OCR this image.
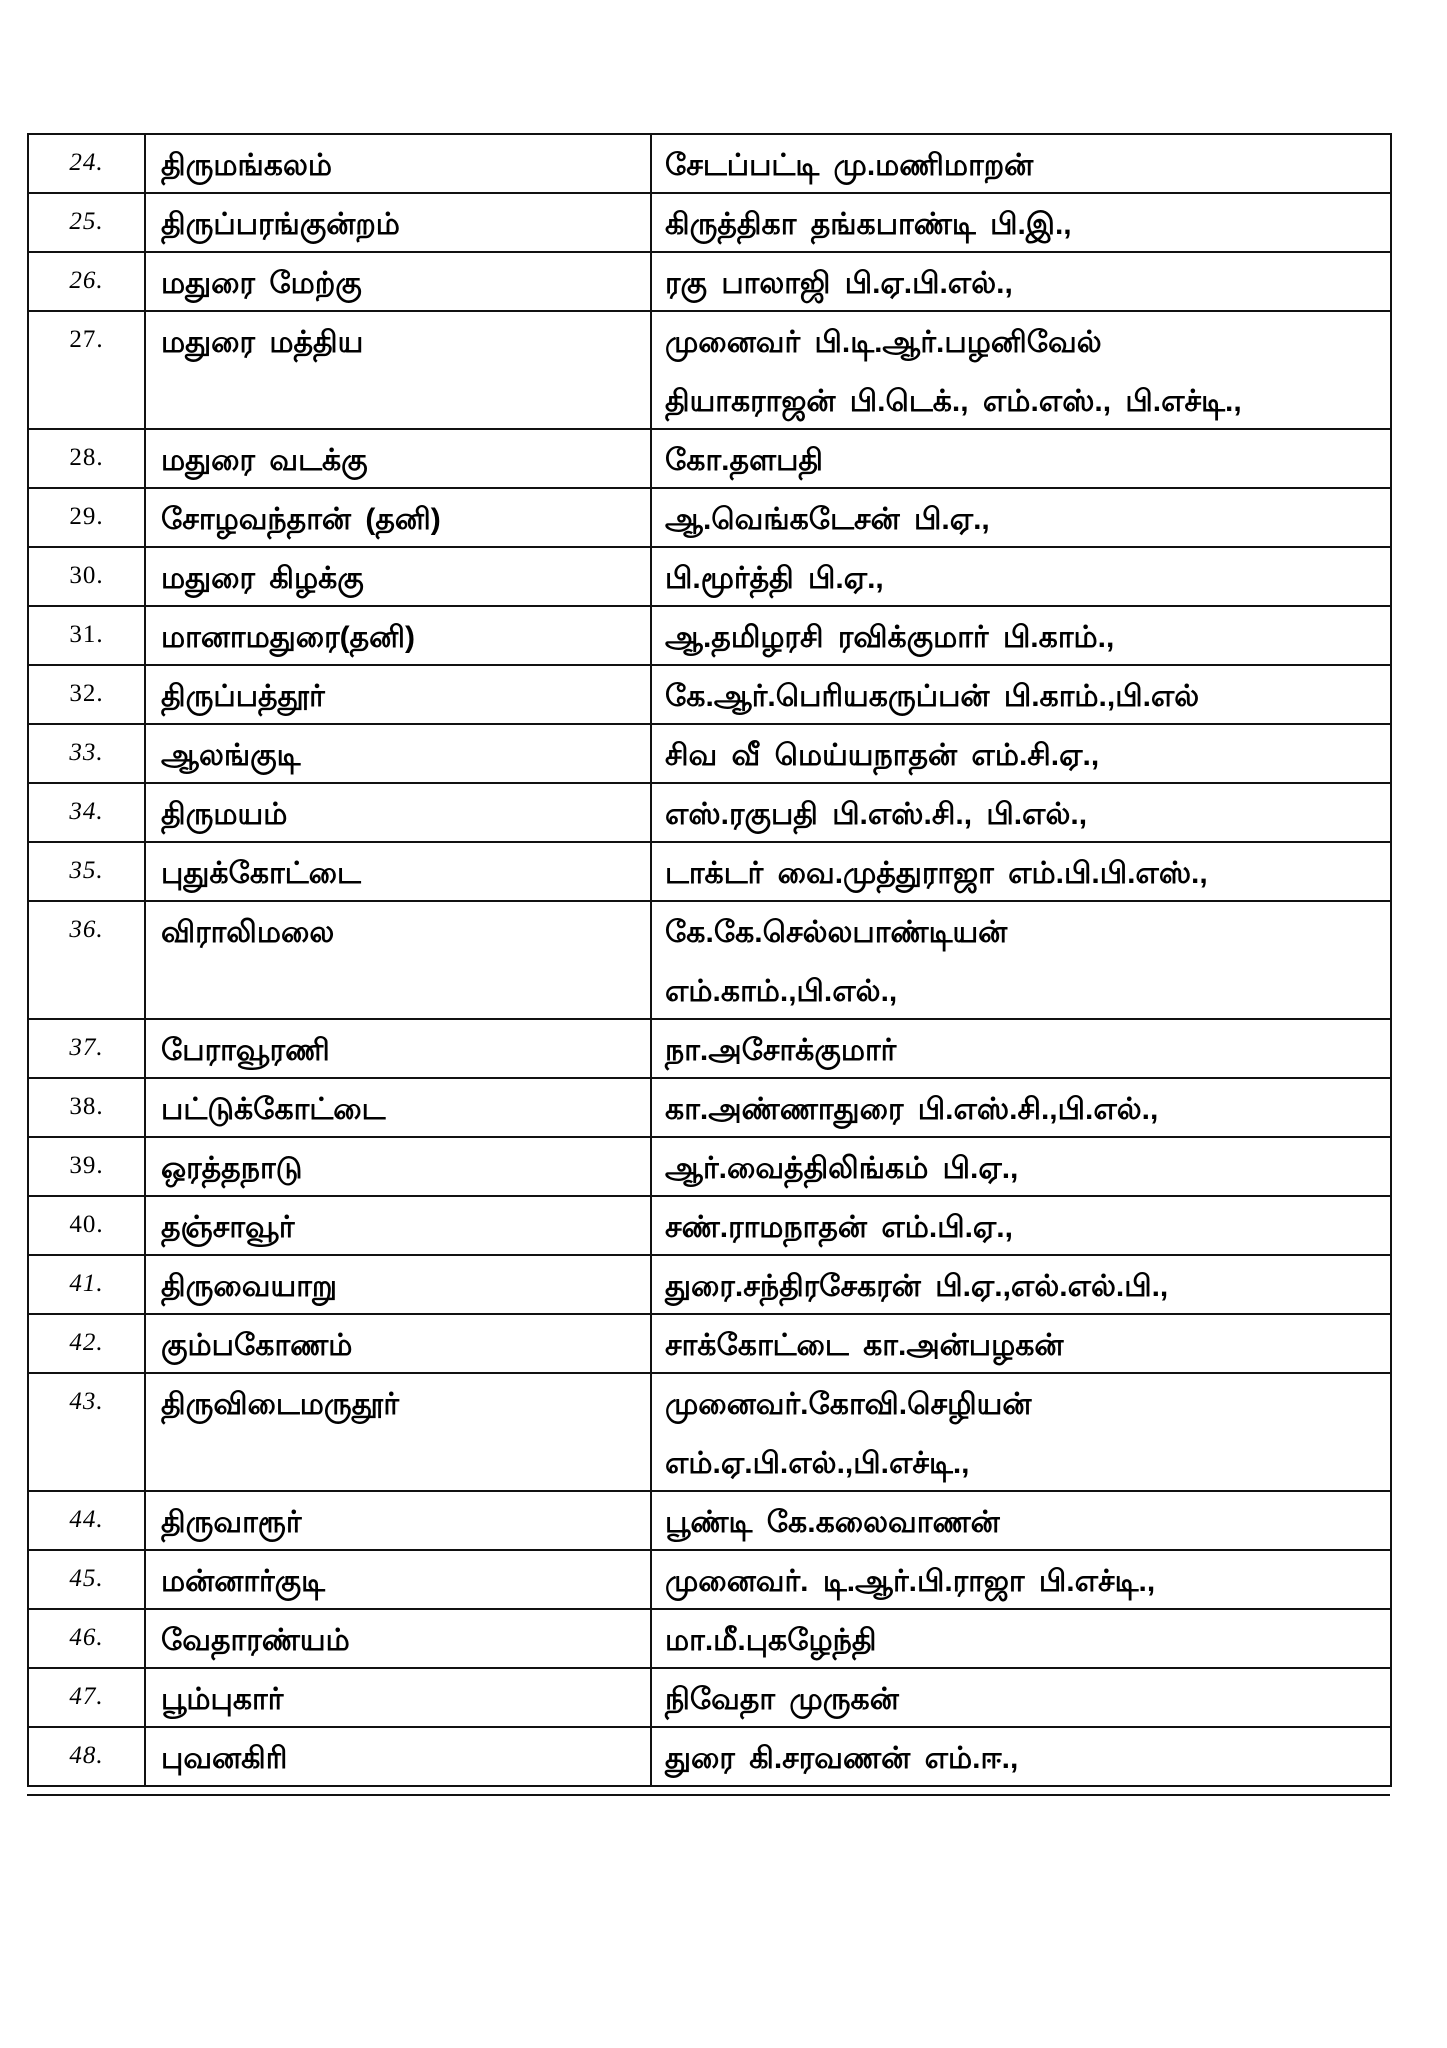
24.	திருமங்கலம்	சேடப்பட்டி மு.மணிமாறன்

25.	திருப்பரங்குன்றம்	கிருத்திகா தங்கபாண்டி பி.இ.,

26.	மதுரை மேற்கு	ரகு பாலாஜி பி.ஏ.பி.எல்.,

27.	மதுரை மத்திய	முனைவர் பி.டி.ஆர்.பழனிவேல்
தியாகராஜன் பி.டெக்., எம்.எஸ்., பி.எச்டி.,

28.	மதுரை வடக்கு	கோ.தளபதி

29.	சோழவந்தான் (தனி)	ஆ.வெங்கடேசன் பி.ஏ.,

30.	மதுரை கிழக்கு	பி.மூர்த்தி பி.ஏ.,

31.	மானாமதுரை(தனி)	ஆ.தமிழரசி ரவிக்குமார் பி.காம்.,

32.	திருப்பத்தூர்	கே.ஆர்.பெரியகருப்பன் பி.காம்.,பி.எல்

33.	ஆலங்குடி	சிவ வீ மெய்யநாதன் எம்.சி.ஏ.,

34.	திருமயம்	எஸ்.ரகுபதி பி.எஸ்.சி., பி.எல்.,

35.	புதுக்கோட்டை	டாக்டர் வை.முத்துராஜா எம்.பி.பி.எஸ்.,

36.	விராலிமலை	கே.கே.செல்லபாண்டியன்
எம்.காம்.,பி.எல்.,

37.	பேராவூரணி	நா.அசோக்குமார்

38.	பட்டுக்கோட்டை	கா.அண்ணாதுரை பி.எஸ்.சி.,பி.எல்.,

39.	ஒரத்தநாடு	ஆர்.வைத்திலிங்கம் பி.ஏ.,

40.	தஞ்சாவூர்	சண்.ராமநாதன் எம்.பி.ஏ.,

41.	திருவையாறு	துரை.சந்திரசேகரன் பி.ஏ.,எல்.எல்.பி.,

42.	கும்பகோணம்	சாக்கோட்டை கா.அன்பழகன்

43.	திருவிடைமருதூர்	முனைவர்.கோவி.செழியன்
எம்.ஏ.பி.எல்.,பி.எச்டி.,

44.	திருவாரூர்	பூண்டி கே.கலைவாணன்

45.	மன்னார்குடி	முனைவர். டி.ஆர்.பி.ராஜா பி.எச்டி.,

46.	வேதாரண்யம்	மா.மீ.புகழேந்தி

47.	பூம்புகார்	நிவேதா முருகன்

48.	புவனகிரி	துரை கி.சரவணன் எம்.ஈ.,
